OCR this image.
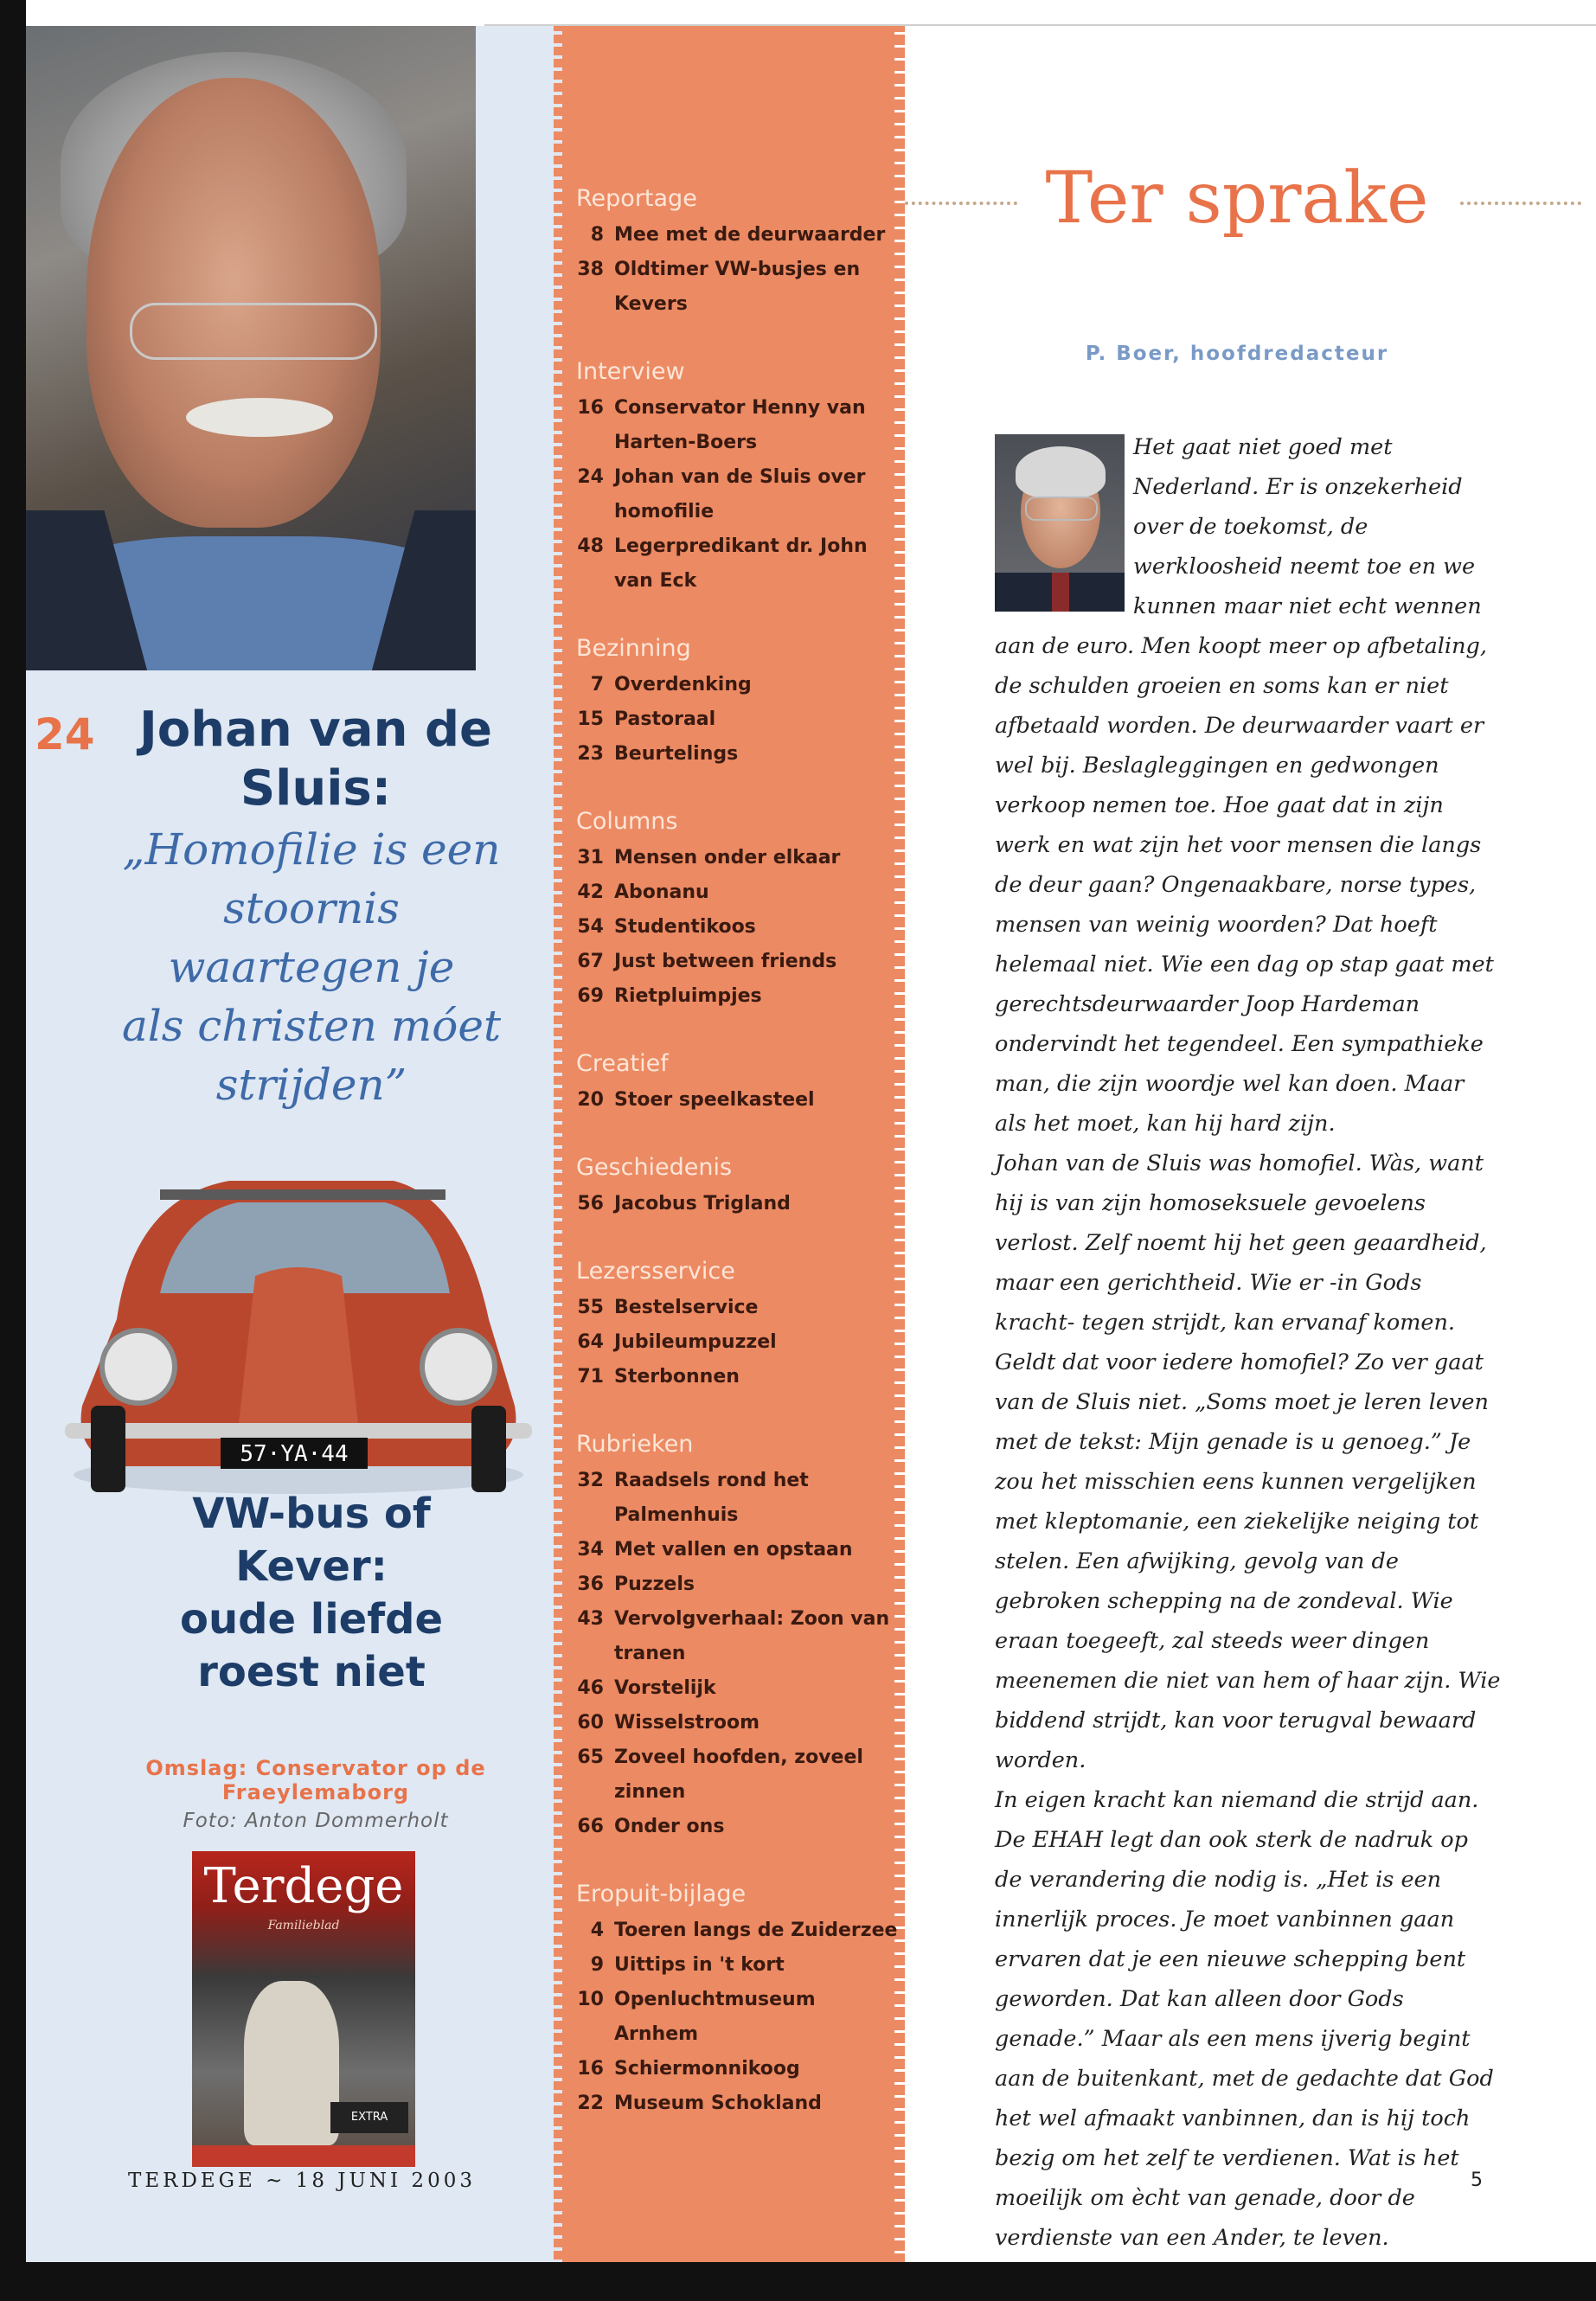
24 Johan van de Sluis:
„Homofilie is een
stoornis
waartegen je
als christen móet
strijden”
57·YA·44
VW-bus of
Kever:
oude liefde
roest niet
Omslag: Conservator op de Fraeylemaborg
Foto: Anton Dommerholt
Terdege
Familieblad
EXTRA
TERDEGE ~ 18 JUNI 2003
Reportage
8 Mee met de deurwaarder
38 Oldtimer VW-busjes en Kevers
Interview
16 Conservator Henny van Harten-Boers
24 Johan van de Sluis over homofilie
48 Legerpredikant dr. John van Eck
Bezinning
7 Overdenking
15 Pastoraal
23 Beurtelings
Columns
31 Mensen onder elkaar
42 Abonanu
54 Studentikoos
67 Just between friends
69 Rietpluimpjes
Creatief
20 Stoer speelkasteel
Geschiedenis
56 Jacobus Trigland
Lezersservice
55 Bestelservice
64 Jubileumpuzzel
71 Sterbonnen
Rubrieken
32 Raadsels rond het Palmenhuis
34 Met vallen en opstaan
36 Puzzels
43 Vervolgverhaal: Zoon van tranen
46 Vorstelijk
60 Wisselstroom
65 Zoveel hoofden, zoveel zinnen
66 Onder ons
Eropuit-bijlage
4 Toeren langs de Zuiderzee
9 Uittips in 't kort
10 Openluchtmuseum Arnhem
16 Schiermonnikoog
22 Museum Schokland
Ter sprake
P. Boer, hoofdredacteur
Het gaat niet goed met Nederland. Er is onzekerheid over de toekomst, de werkloosheid neemt toe en we kunnen maar niet echt wennen aan de euro. Men koopt meer op afbetaling, de schulden groeien en soms kan er niet afbetaald worden. De deurwaarder vaart er wel bij. Beslagleggingen en gedwongen verkoop nemen toe. Hoe gaat dat in zijn werk en wat zijn het voor mensen die langs de deur gaan? Ongenaakbare, norse types, mensen van weinig woorden? Dat hoeft helemaal niet. Wie een dag op stap gaat met gerechtsdeurwaarder Joop Hardeman ondervindt het tegendeel. Een sympathieke man, die zijn woordje wel kan doen. Maar als het moet, kan hij hard zijn.
Johan van de Sluis was homofiel. Wàs, want hij is van zijn homoseksuele gevoelens verlost. Zelf noemt hij het geen geaardheid, maar een gerichtheid. Wie er -in Gods kracht- tegen strijdt, kan ervanaf komen. Geldt dat voor iedere homofiel? Zo ver gaat van de Sluis niet. „Soms moet je leren leven met de tekst: Mijn genade is u genoeg.” Je zou het misschien eens kunnen vergelijken met kleptomanie, een ziekelijke neiging tot stelen. Een afwijking, gevolg van de gebroken schepping na de zondeval. Wie eraan toegeeft, zal steeds weer dingen meenemen die niet van hem of haar zijn. Wie biddend strijdt, kan voor terugval bewaard worden.
In eigen kracht kan niemand die strijd aan. De EHAH legt dan ook sterk de nadruk op de verandering die nodig is. „Het is een innerlijk proces. Je moet vanbinnen gaan ervaren dat je een nieuwe schepping bent geworden. Dat kan alleen door Gods genade.” Maar als een mens ijverig begint aan de buitenkant, met de gedachte dat God het wel afmaakt vanbinnen, dan is hij toch bezig om het zelf te verdienen. Wat is het moeilijk om ècht van genade, door de verdienste van een Ander, te leven.
5
